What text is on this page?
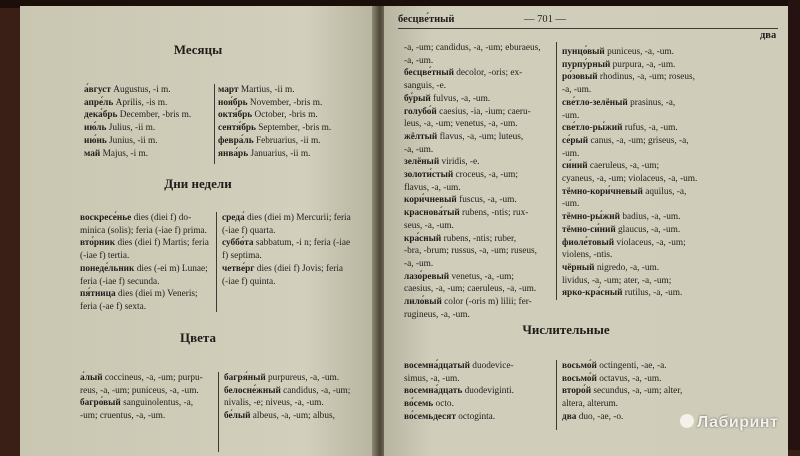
Месяцы
а́вгуст Augustus, -i m.
апре́ль Aprilis, -is m.
дека́брь December, -bris m.
ию́ль Julius, -ii m.
ию́нь Junius, -ii m.
май Majus, -i m.
март Martius, -ii m.
ноя́брь November, -bris m.
октя́брь October, -bris m.
сентя́брь September, -bris m.
февра́ль Februarius, -ii m.
янва́рь Januarius, -ii m.
Дни недели
воскресе́нье dies (diei f) do-
minica (solis); feria (-iae f) prima.
вто́рник dies (diei f) Martis; feria
(-iae f) tertia.
понеде́льник dies (-ei m) Lunae;
feria (-iae f) secunda.
пя́тница dies (diei m) Veneris;
feria (-ae f) sexta.
среда́ dies (diei m) Mercurii; feria
(-iae f) quarta.
суббо́та sabbatum, -i n; feria (-iae
f) septima.
четве́рг dies (diei f) Jovis; feria
(-iae f) quinta.
Цвета
а́лый coccineus, -a, -um; purpu-
reus, -a, -um; puniceus, -a, -um.
багро́вый sanguinolentus, -a,
-um; cruentus, -a, -um.
багря́ный purpureus, -a, -um.
белосне́жный candidus, -a, -um;
nivalis, -e; niveus, -a, -um.
бе́лый albeus, -a, -um; albus,
бесцве́тный	— 701 —
два
-a, -um; candidus, -a, -um; eburaeus,
-a, -um.
бесцве́тный decolor, -oris; ex-
sanguis, -e.
бу́рый fulvus, -a, -um.
голубо́й caesius, -ia, -ium; caeru-
leus, -a, -um; venetus, -a, -um.
жёлтый flavus, -a, -um; luteus,
-a, -um.
зелёный viridis, -e.
золоти́стый croceus, -a, -um;
flavus, -a, -um.
кори́чневый fuscus, -a, -um.
краснова́тый rubens, -ntis; rux-
seus, -a, -um.
кра́сный rubens, -ntis; ruber,
-bra, -brum; russus, -a, -um; ruseus,
-a, -um.
лазо́ревый venetus, -a, -um;
caesius, -a, -um; caeruleus, -a, -um.
лило́вый color (-oris m) lilii; fer-
rugineus, -a, -um.
пунцо́вый puniceus, -a, -um.
пурпу́рный purpura, -a, -um.
ро́зовый rhodinus, -a, -um; roseus,
-a, -um.
све́тло-зелёный prasinus, -a,
-um.
све́тло-ры́жий rufus, -a, -um.
се́рый canus, -a, -um; griseus, -a,
-um.
си́ний caeruleus, -a, -um;
cyaneus, -a, -um; violaceus, -a, -um.
тёмно-кори́чневый aquilus, -a,
-um.
тёмно-ры́жий badius, -a, -um.
тёмно-си́ний glaucus, -a, -um.
фиоле́товый violaceus, -a, -um;
violens, -ntis.
чёрный nigredo, -a, -um.
lividus, -a, -um; ater, -a, -um;
ярко-кра́сный rutilus, -a, -um.
Числительные
восемна́дцатый duodevice-
simus, -a, -um.
восемна́дцать duodeviginti.
во́семь octo.
во́семьдесят octoginta.
восьмо́й octingenti, -ae, -a.
восьмо́й octavus, -a, -um.
второ́й secundus, -a, -um; alter,
altera, alterum.
два duo, -ae, -o.	Лабиринт
